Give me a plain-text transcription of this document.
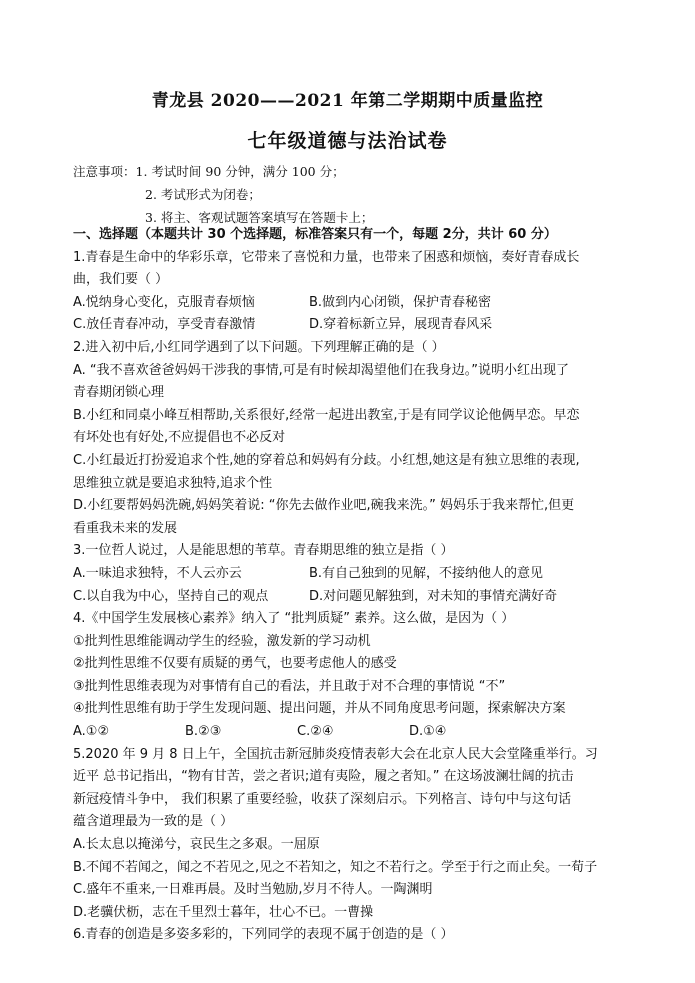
青龙县 2020——2021 年第二学期期中质量监控
七年级道德与法治试卷
注意事项：1. 考试时间 90 分钟，满分 100 分；
2. 考试形式为闭卷；
3. 将主、客观试题答案填写在答题卡上；
一、选择题（本题共计 30 个选择题，标准答案只有一个，每题 2分，共计 60 分）
1.青春是生命中的华彩乐章，它带来了喜悦和力量，也带来了困惑和烦恼，奏好青春成长
曲，我们要（ ）
A.悦纳身心变化，克服青春烦恼	B.做到内心闭锁，保护青春秘密
C.放任青春冲动，享受青春激情	D.穿着标新立异，展现青春风采
2.进入初中后,小红同学遇到了以下问题。下列理解正确的是（ ）
A. “我不喜欢爸爸妈妈干涉我的事情,可是有时候却渴望他们在我身边。”说明小红出现了
青春期闭锁心理
B.小红和同桌小峰互相帮助,关系很好,经常一起进出教室,于是有同学议论他俩早恋。早恋
有坏处也有好处,不应提倡也不必反对
C.小红最近打扮爱追求个性,她的穿着总和妈妈有分歧。小红想,她这是有独立思维的表现,
思维独立就是要追求独特,追求个性
D.小红要帮妈妈洗碗,妈妈笑着说: “你先去做作业吧,碗我来洗。” 妈妈乐于我来帮忙,但更
看重我未来的发展
3.一位哲人说过，人是能思想的苇草。青春期思维的独立是指（ ）
A.一味追求独特，不人云亦云	B.有自己独到的见解，不接纳他人的意见
C.以自我为中心，坚持自己的观点	D.对问题见解独到，对未知的事情充满好奇
4.《中国学生发展核心素养》纳入了 “批判质疑” 素养。这么做，是因为（ ）
①批判性思维能调动学生的经验，激发新的学习动机
②批判性思维不仅要有质疑的勇气，也要考虑他人的感受
③批判性思维表现为对事情有自己的看法，并且敢于对不合理的事情说 “不”
④批判性思维有助于学生发现问题、提出问题，并从不同角度思考问题，探索解决方案
A.①②	B.②③	C.②④	D.①④
5.2020 年 9 月 8 日上午，全国抗击新冠肺炎疫情表彰大会在北京人民大会堂隆重举行。习
近平 总书记指出，“物有甘苦，尝之者识;道有夷险，履之者知。” 在这场波澜壮阔的抗击
新冠疫情斗争中， 我们积累了重要经验，收获了深刻启示。下列格言、诗句中与这句话
蕴含道理最为一致的是（ ）
A.长太息以掩涕兮，哀民生之多艰。一屈原
B.不闻不若闻之，闻之不若见之,见之不若知之，知之不若行之。学至于行之而止矣。一荀子
C.盛年不重来,一日难再晨。及时当勉励,岁月不待人。一陶渊明
D.老骥伏枥，志在千里烈士暮年，壮心不已。一曹操
6.青春的创造是多姿多彩的，下列同学的表现不属于创造的是（ ）
